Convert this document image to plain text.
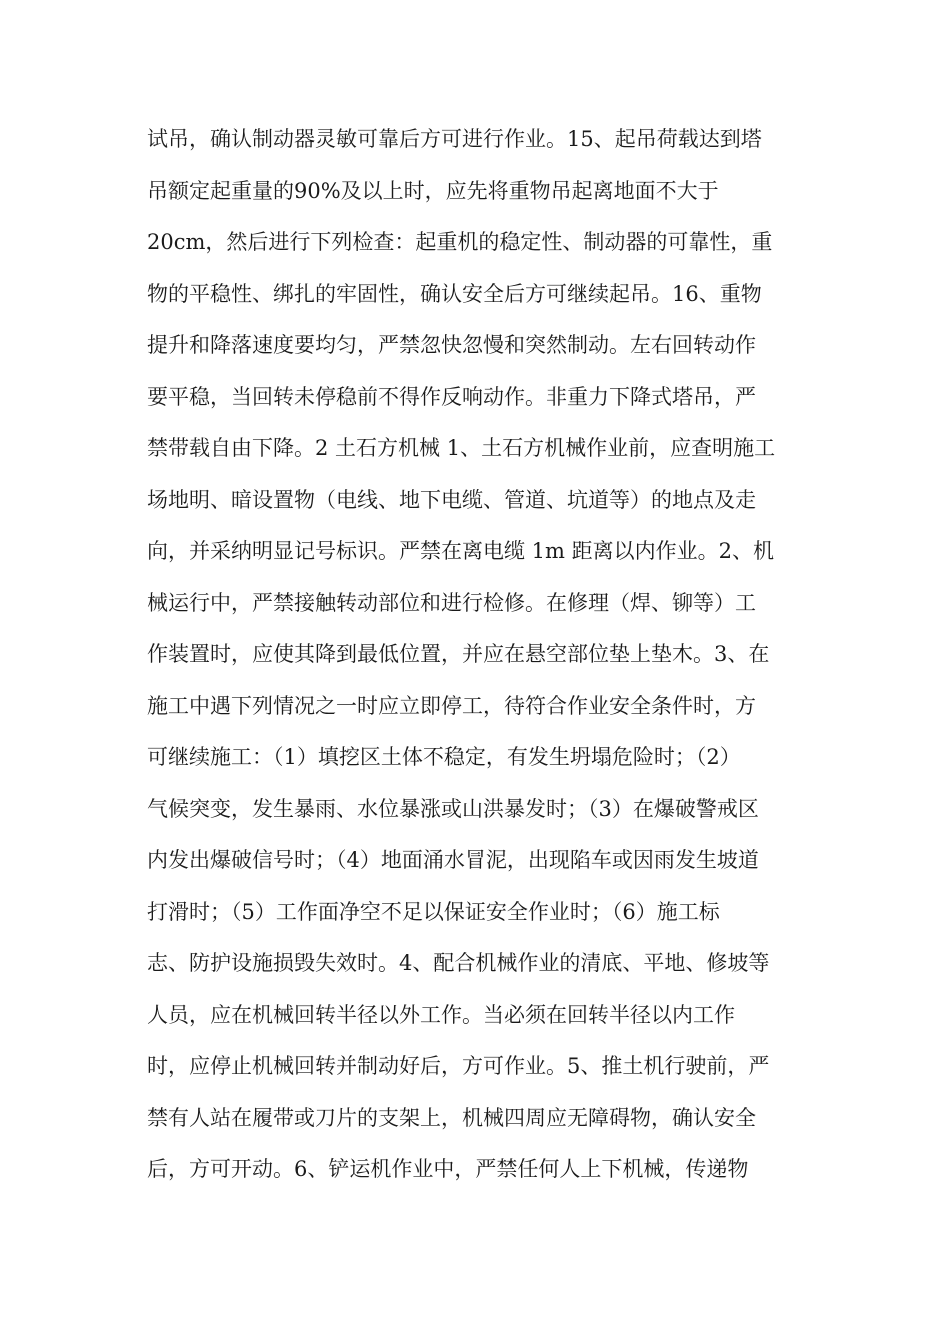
试吊，确认制动器灵敏可靠后方可进行作业。15、起吊荷载达到塔
吊额定起重量的90%及以上时，应先将重物吊起离地面不大于
20cm，然后进行下列检查：起重机的稳定性、制动器的可靠性，重
物的平稳性、绑扎的牢固性，确认安全后方可继续起吊。16、重物
提升和降落速度要均匀，严禁忽快忽慢和突然制动。左右回转动作
要平稳，当回转未停稳前不得作反响动作。非重力下降式塔吊，严
禁带载自由下降。2 土石方机械 1、土石方机械作业前，应查明施工
场地明、暗设置物（电线、地下电缆、管道、坑道等）的地点及走
向，并采纳明显记号标识。严禁在离电缆 1m 距离以内作业。2、机
械运行中，严禁接触转动部位和进行检修。在修理（焊、铆等）工
作装置时，应使其降到最低位置，并应在悬空部位垫上垫木。3、在
施工中遇下列情况之一时应立即停工，待符合作业安全条件时，方
可继续施工：（1）填挖区土体不稳定，有发生坍塌危险时；（2）
气候突变，发生暴雨、水位暴涨或山洪暴发时；（3）在爆破警戒区
内发出爆破信号时；（4）地面涌水冒泥，出现陷车或因雨发生坡道
打滑时；（5）工作面净空不足以保证安全作业时；（6）施工标
志、防护设施损毁失效时。4、配合机械作业的清底、平地、修坡等
人员，应在机械回转半径以外工作。当必须在回转半径以内工作
时，应停止机械回转并制动好后，方可作业。5、推土机行驶前，严
禁有人站在履带或刀片的支架上，机械四周应无障碍物，确认安全
后，方可开动。6、铲运机作业中，严禁任何人上下机械，传递物
